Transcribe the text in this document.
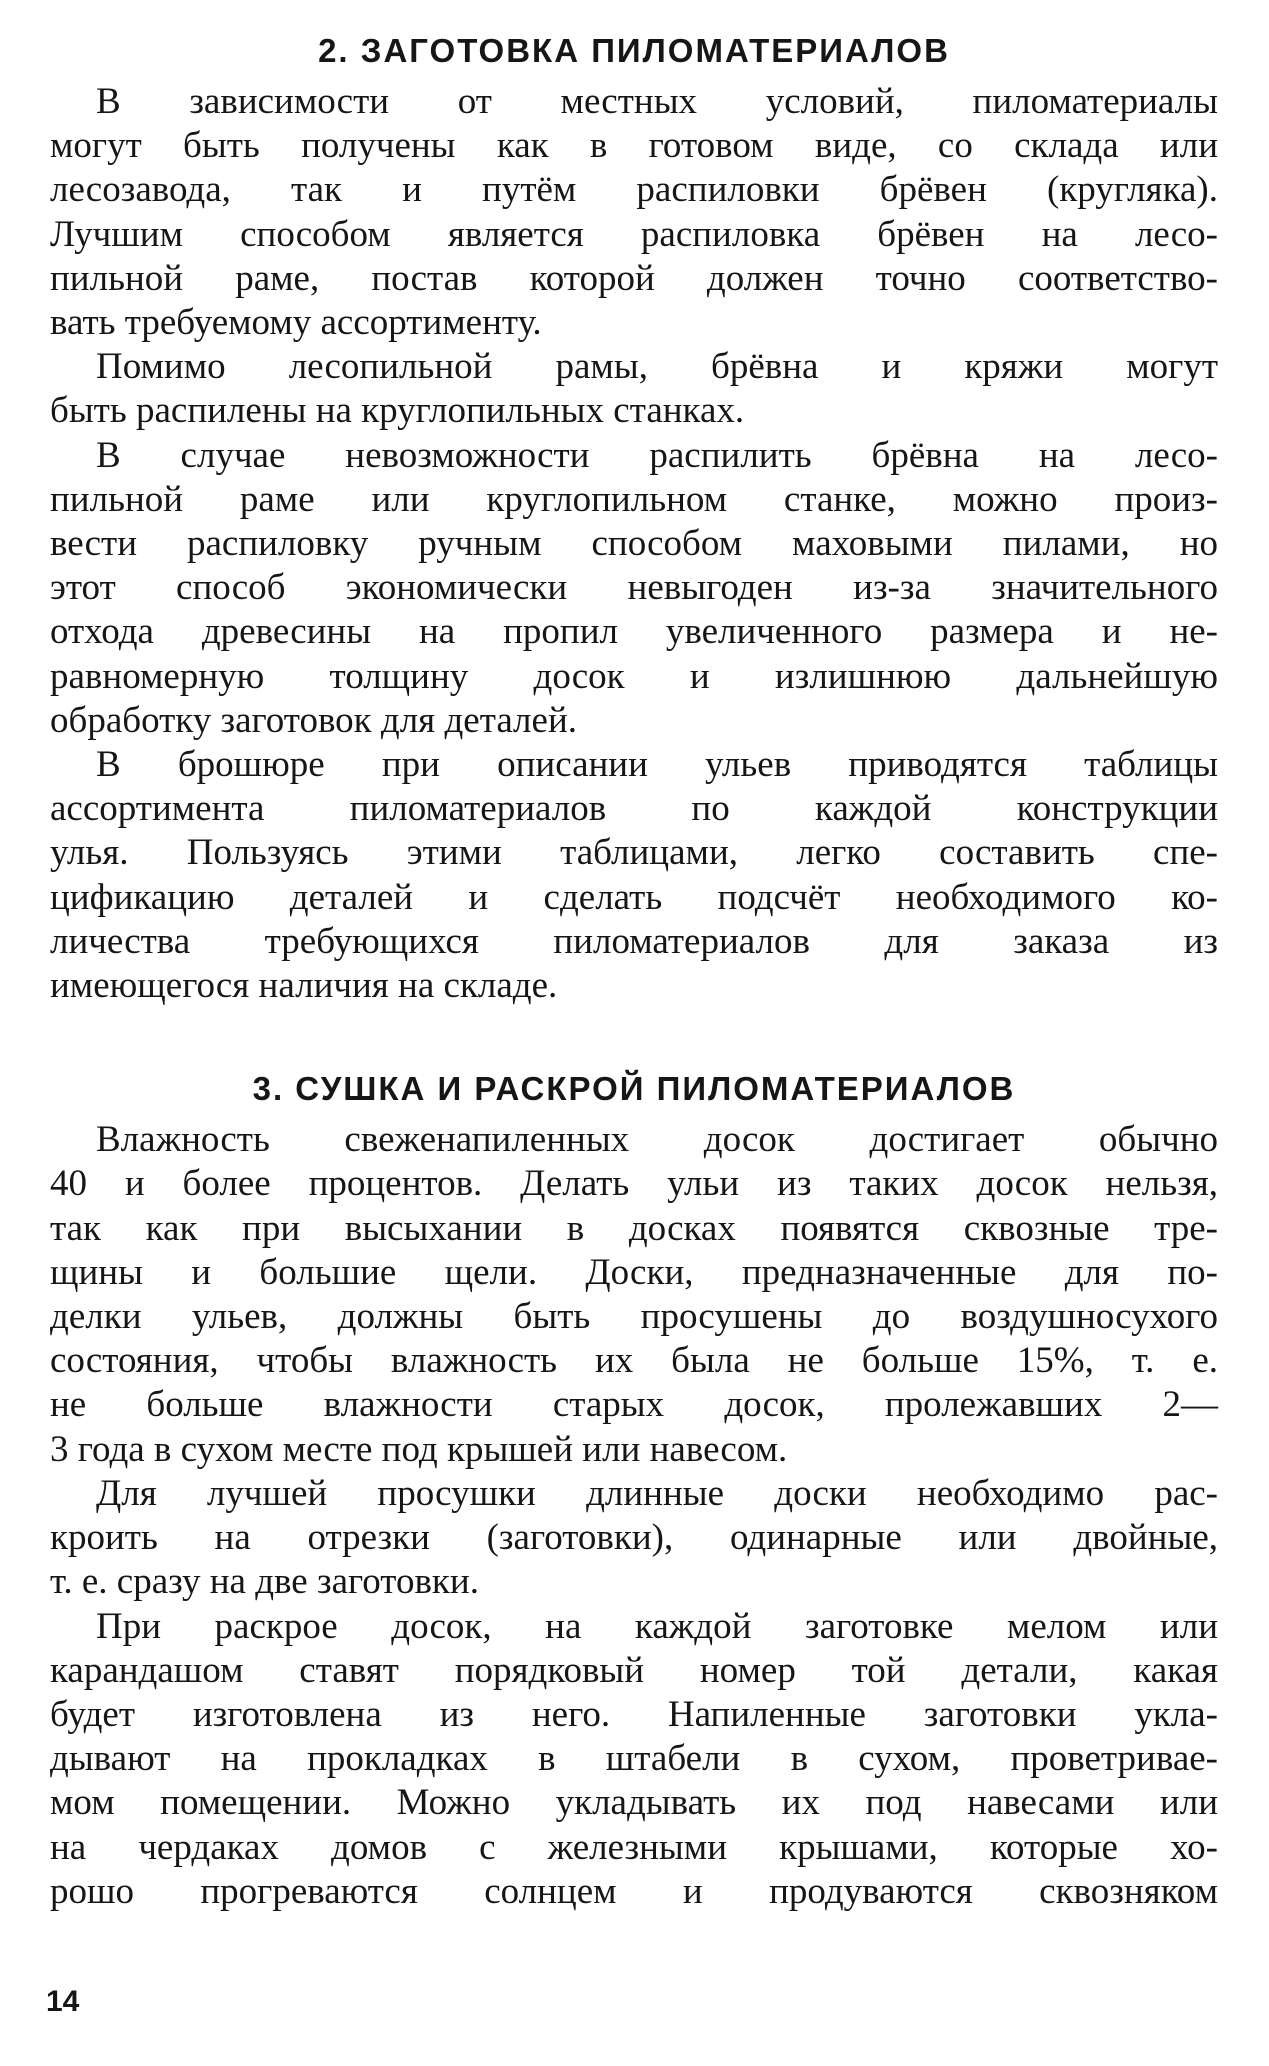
2. ЗАГОТОВКА ПИЛОМАТЕРИАЛОВ

В зависимости от местных условий, пиломатериалы
могут быть получены как в готовом виде, со склада или
лесозавода, так и путём распиловки брёвен (кругляка).
Лучшим способом является распиловка брёвен на лесо-
пильной раме, постав которой должен точно соответство-
вать требуемому ассортименту.

Помимо лесопильной рамы, брёвна и кряжи могут
быть распилены на круглопильных станках.

В случае невозможности распилить брёвна на лесо-
пильной раме или круглопильном станке, можно произ-
вести распиловку ручным способом маховыми пилами, но
этот способ экономически невыгоден из-за значительного
отхода древесины на пропил увеличенного размера и не-
равномерную толщину досок и излишнюю дальнейшую
обработку заготовок для деталей.

В брошюре при описании ульев приводятся таблицы
ассортимента пиломатериалов по каждой конструкции
улья. Пользуясь этими таблицами, легко составить спе-
цификацию деталей и сделать подсчёт необходимого ко-
личества требующихся пиломатериалов для заказа из
имеющегося наличия на складе.

3. СУШКА И РАСКРОЙ ПИЛОМАТЕРИАЛОВ

Влажность свеженапиленных досок достигает обычно
40 и более процентов. Делать ульи из таких досок нельзя,
так как при высыхании в досках появятся сквозные тре-
щины и большие щели. Доски, предназначенные для по-
делки ульев, должны быть просушены до воздушносухого
состояния, чтобы влажность их была не больше 15%, т. е.
не больше влажности старых досок, пролежавших 2—
3 года в сухом месте под крышей или навесом.

Для лучшей просушки длинные доски необходимо рас-
кроить на отрезки (заготовки), одинарные или двойные,
т. е. сразу на две заготовки.

При раскрое досок, на каждой заготовке мелом или
карандашом ставят порядковый номер той детали, какая
будет изготовлена из него. Напиленные заготовки укла-
дывают на прокладках в штабели в сухом, проветривае-
мом помещении. Можно укладывать их под навесами или
на чердаках домов с железными крышами, которые хо-
рошо прогреваются солнцем и продуваются сквозняком

14
